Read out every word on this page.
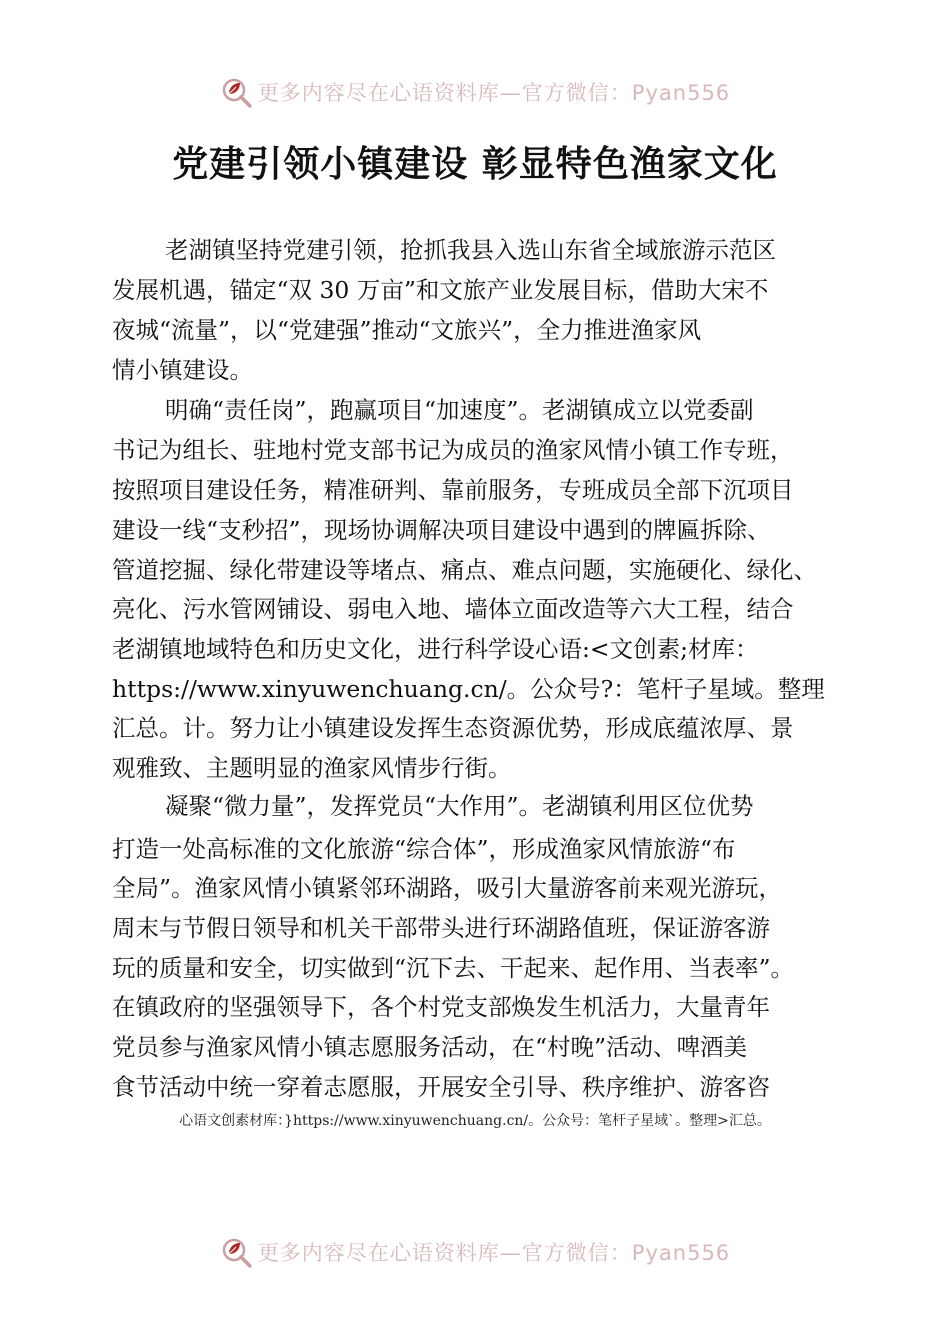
更多内容尽在心语资料库—官方微信：Pyan556
党建引领小镇建设 彰显特色渔家文化
老湖镇坚持党建引领，抢抓我县入选山东省全域旅游示范区
发展机遇，锚定“双 30 万亩”和文旅产业发展目标，借助大宋不
夜城“流量”，以“党建强”推动“文旅兴”，全力推进渔家风
情小镇建设。
明确“责任岗”，跑赢项目“加速度”。老湖镇成立以党委副
书记为组长、驻地村党支部书记为成员的渔家风情小镇工作专班，
按照项目建设任务，精准研判、靠前服务，专班成员全部下沉项目
建设一线“支秒招”，现场协调解决项目建设中遇到的牌匾拆除、
管道挖掘、绿化带建设等堵点、痛点、难点问题，实施硬化、绿化、
亮化、污水管网铺设、弱电入地、墙体立面改造等六大工程，结合
老湖镇地域特色和历史文化，进行科学设心语:<文创素;材库：
https://www.xinyuwenchuang.cn/。公众号?：笔杆子星域。整理
汇总。计。努力让小镇建设发挥生态资源优势，形成底蕴浓厚、景
观雅致、主题明显的渔家风情步行街。
凝聚“微力量”，发挥党员“大作用”。老湖镇利用区位优势
打造一处高标准的文化旅游“综合体”，形成渔家风情旅游“布
全局”。渔家风情小镇紧邻环湖路，吸引大量游客前来观光游玩，
周末与节假日领导和机关干部带头进行环湖路值班，保证游客游
玩的质量和安全，切实做到“沉下去、干起来、起作用、当表率”。
在镇政府的坚强领导下，各个村党支部焕发生机活力，大量青年
党员参与渔家风情小镇志愿服务活动，在“村晚”活动、啤酒美
食节活动中统一穿着志愿服，开展安全引导、秩序维护、游客咨
心语文创素材库：}https://www.xinyuwenchuang.cn/。公众号：笔杆子星域`。整理>汇总。
更多内容尽在心语资料库—官方微信：Pyan556
